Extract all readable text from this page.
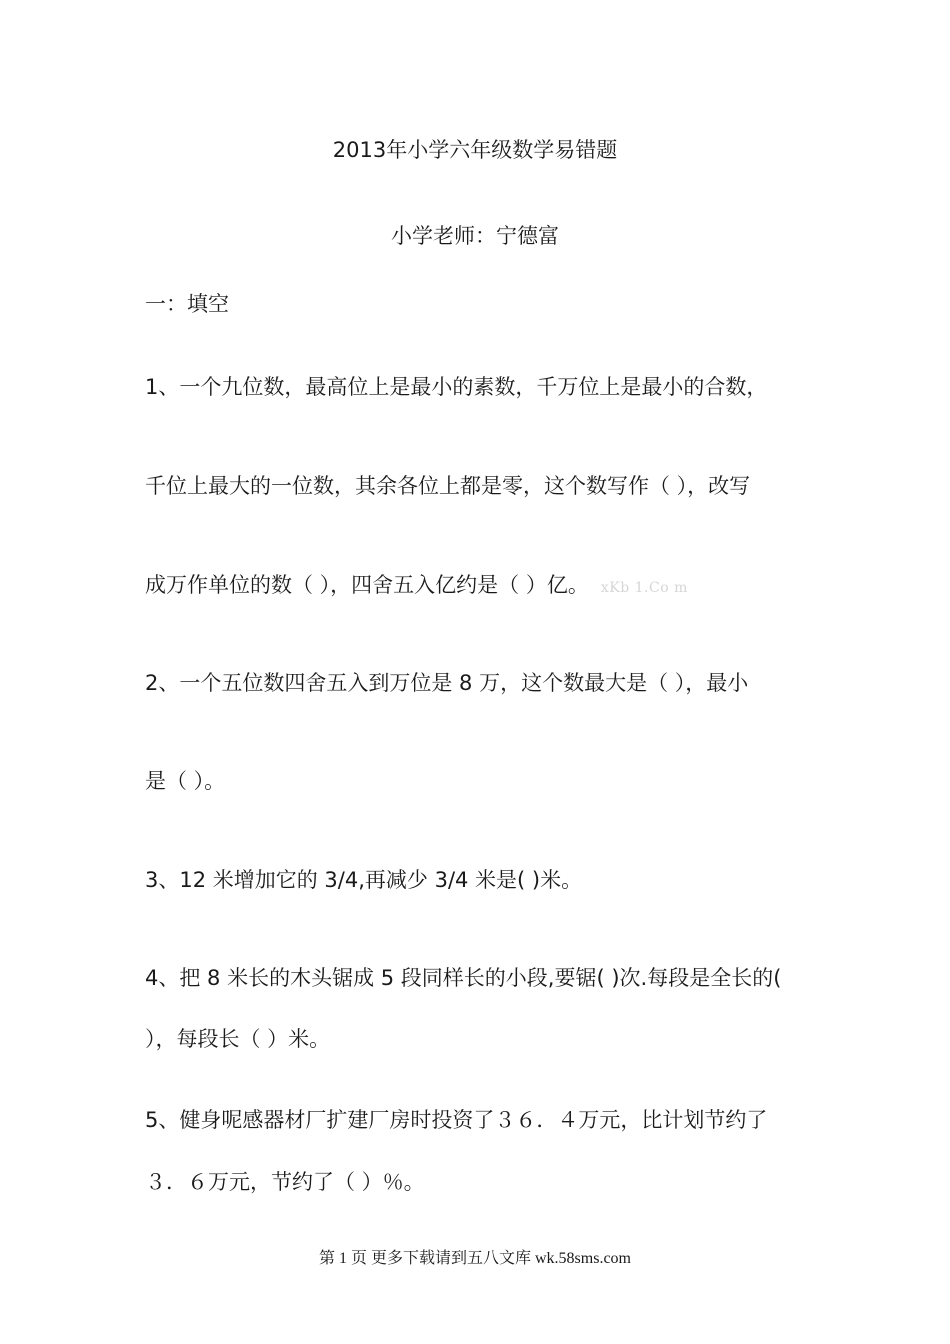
2013年小学六年级数学易错题
小学老师：宁德富
一：填空
1、一个九位数，最高位上是最小的素数，千万位上是最小的合数，
千位上最大的一位数，其余各位上都是零，这个数写作（ ），改写
成万作单位的数（ ），四舍五入亿约是（ ）亿。 xKb 1.Co m
2、一个五位数四舍五入到万位是 8 万，这个数最大是（ ），最小
是（ ）。
3、12 米增加它的 3/4,再减少 3/4 米是( )米。
4、把 8 米长的木头锯成 5 段同样长的小段,要锯( )次.每段是全长的(
），每段长（ ）米。
5、健身呢感器材厂扩建厂房时投资了３６．４万元，比计划节约了
３．６万元，节约了（ ）％。
第 1 页 更多下载请到五八文库 wk.58sms.com
